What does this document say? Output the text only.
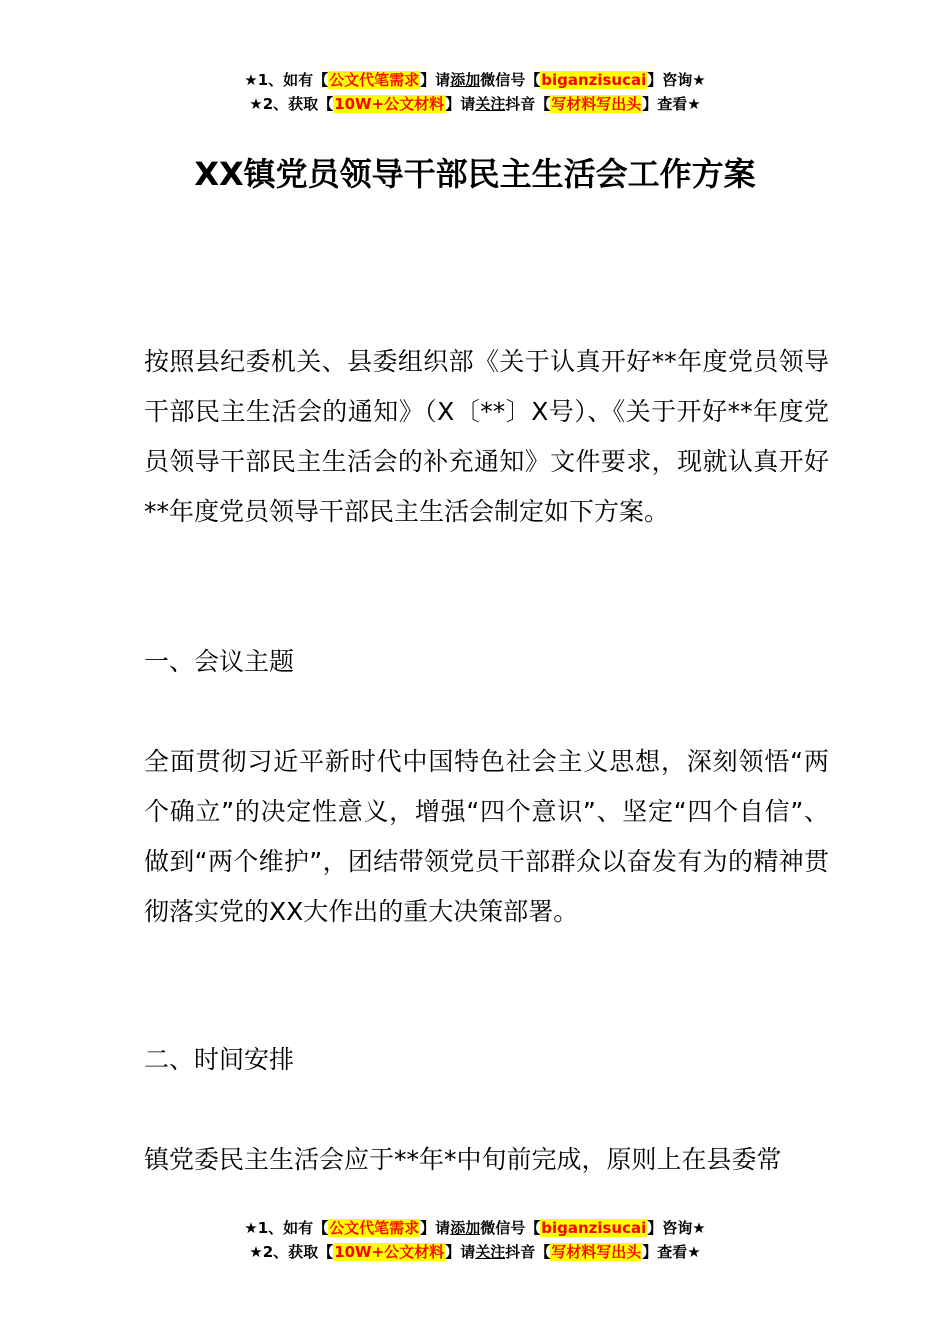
★1、如有【公文代笔需求】请添加微信号【biganzisucai】咨询★
★2、获取【10W+公文材料】请关注抖音【写材料写出头】查看★
XX镇党员领导干部民主生活会工作方案

按照县纪委机关、县委组织部《关于认真开好**年度党员领导干部民主生活会的通知》（X〔**〕X号）、《关于开好**年度党员领导干部民主生活会的补充通知》文件要求，现就认真开好**年度党员领导干部民主生活会制定如下方案。

一、会议主题

全面贯彻习近平新时代中国特色社会主义思想，深刻领悟“两个确立”的决定性意义，增强“四个意识”、坚定“四个自信”、做到“两个维护”，团结带领党员干部群众以奋发有为的精神贯彻落实党的XX大作出的重大决策部署。

二、时间安排

镇党委民主生活会应于**年*中旬前完成，原则上在县委常

★1、如有【公文代笔需求】请添加微信号【biganzisucai】咨询★
★2、获取【10W+公文材料】请关注抖音【写材料写出头】查看★
